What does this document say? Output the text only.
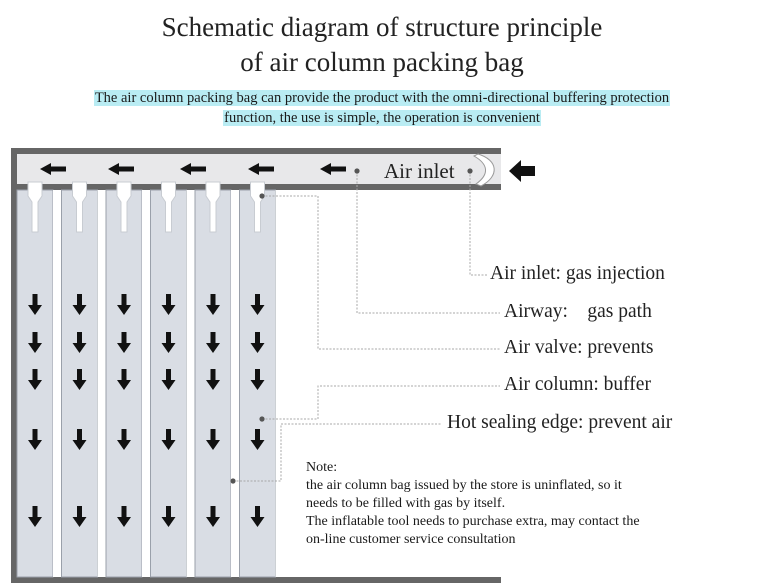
Schematic diagram of structure principle
of air column packing bag
The air column packing bag can provide the product with the omni-directional buffering protection
function, the use is simple, the operation is convenient
Air inlet
Air inlet: gas injection
Airway:    gas path
Air valve: prevents
Air column: buffer
Hot sealing edge: prevent air

Note:

the air column bag issued by the store is uninflated, so it

needs to be filled with gas by itself.

The inflatable tool needs to purchase extra, may contact the

on-line customer service consultation
